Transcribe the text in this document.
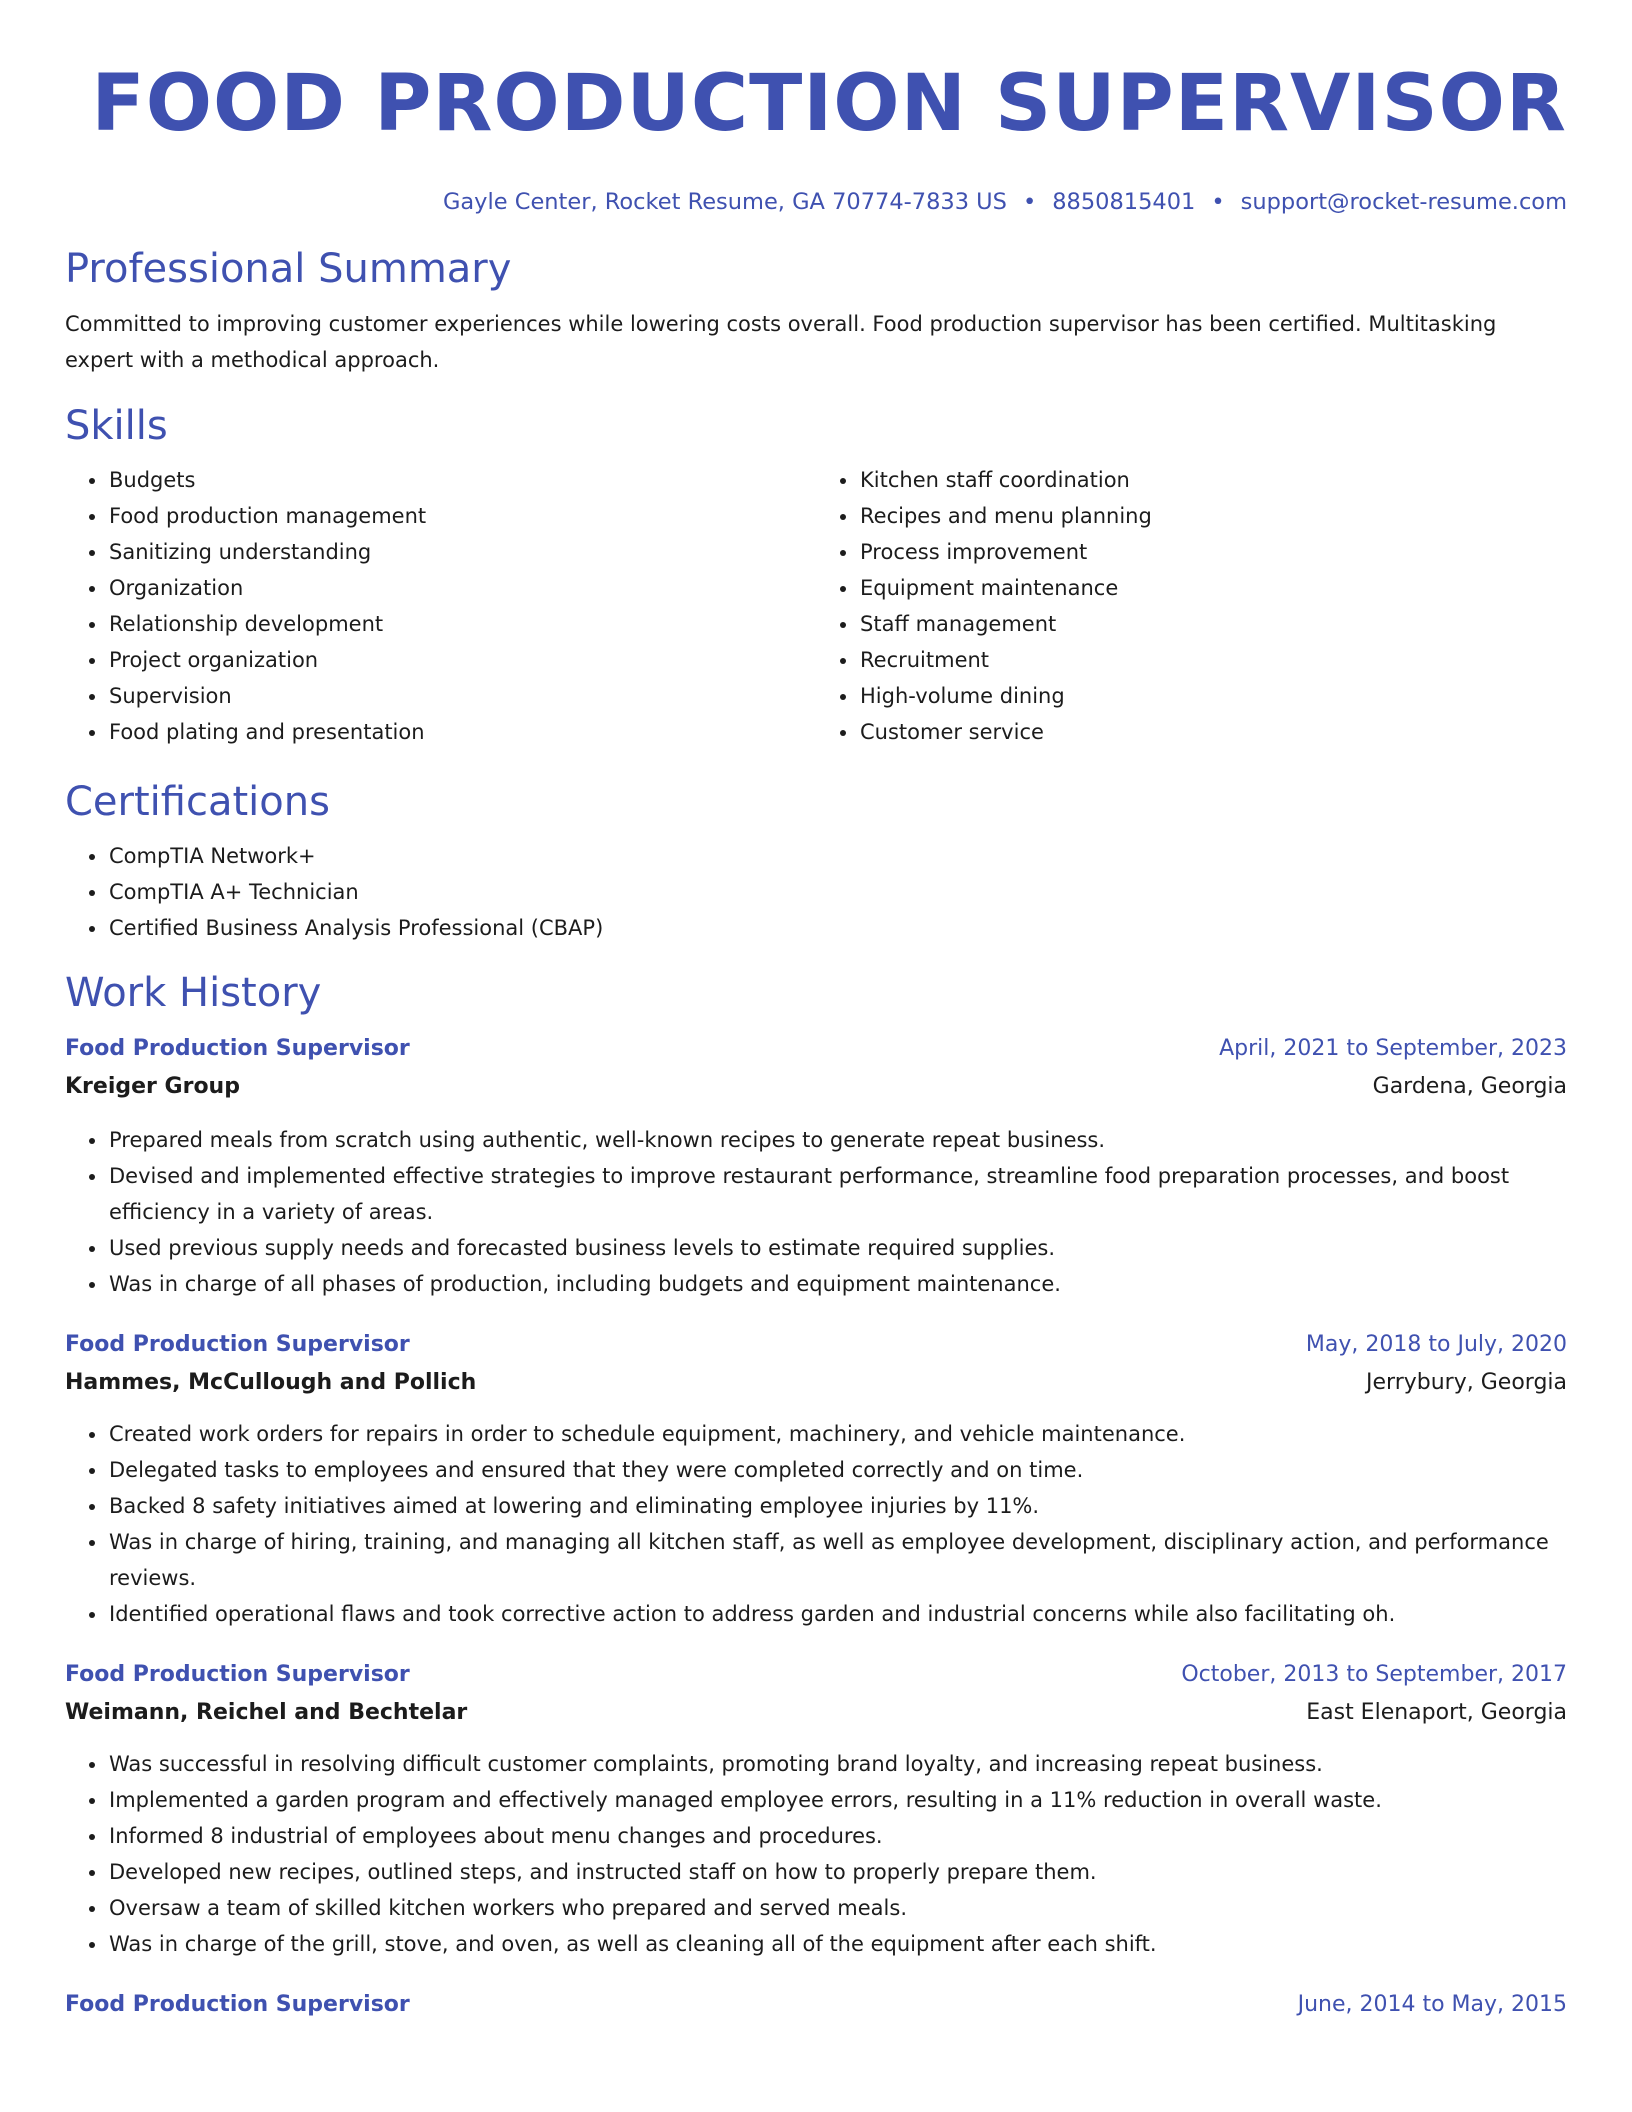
FOOD PRODUCTION SUPERVISOR
Gayle Center, Rocket Resume, GA 70774-7833 US • 8850815401 • support@rocket-resume.com
Professional Summary

Committed to improving customer experiences while lowering costs overall. Food production supervisor has been certified. Multitasking expert with a methodical approach.

Skills
• Budgets
• Food production management
• Sanitizing understanding
• Organization
• Relationship development
• Project organization
• Supervision
• Food plating and presentation
• Kitchen staff coordination
• Recipes and menu planning
• Process improvement
• Equipment maintenance
• Staff management
• Recruitment
• High-volume dining
• Customer service
Certifications
• CompTIA Network+
• CompTIA A+ Technician
• Certified Business Analysis Professional (CBAP)
Work History
Food Production Supervisor	April, 2021 to September, 2023
Kreiger Group	Gardena, Georgia
• Prepared meals from scratch using authentic, well-known recipes to generate repeat business.
• Devised and implemented effective strategies to improve restaurant performance, streamline food preparation processes, and boost efficiency in a variety of areas.
• Used previous supply needs and forecasted business levels to estimate required supplies.
• Was in charge of all phases of production, including budgets and equipment maintenance.
Food Production Supervisor	May, 2018 to July, 2020
Hammes, McCullough and Pollich	Jerrybury, Georgia
• Created work orders for repairs in order to schedule equipment, machinery, and vehicle maintenance.
• Delegated tasks to employees and ensured that they were completed correctly and on time.
• Backed 8 safety initiatives aimed at lowering and eliminating employee injuries by 11%.
• Was in charge of hiring, training, and managing all kitchen staff, as well as employee development, disciplinary action, and performance reviews.
• Identified operational flaws and took corrective action to address garden and industrial concerns while also facilitating oh.
Food Production Supervisor	October, 2013 to September, 2017
Weimann, Reichel and Bechtelar	East Elenaport, Georgia
• Was successful in resolving difficult customer complaints, promoting brand loyalty, and increasing repeat business.
• Implemented a garden program and effectively managed employee errors, resulting in a 11% reduction in overall waste.
• Informed 8 industrial of employees about menu changes and procedures.
• Developed new recipes, outlined steps, and instructed staff on how to properly prepare them.
• Oversaw a team of skilled kitchen workers who prepared and served meals.
• Was in charge of the grill, stove, and oven, as well as cleaning all of the equipment after each shift.
Food Production Supervisor	June, 2014 to May, 2015
